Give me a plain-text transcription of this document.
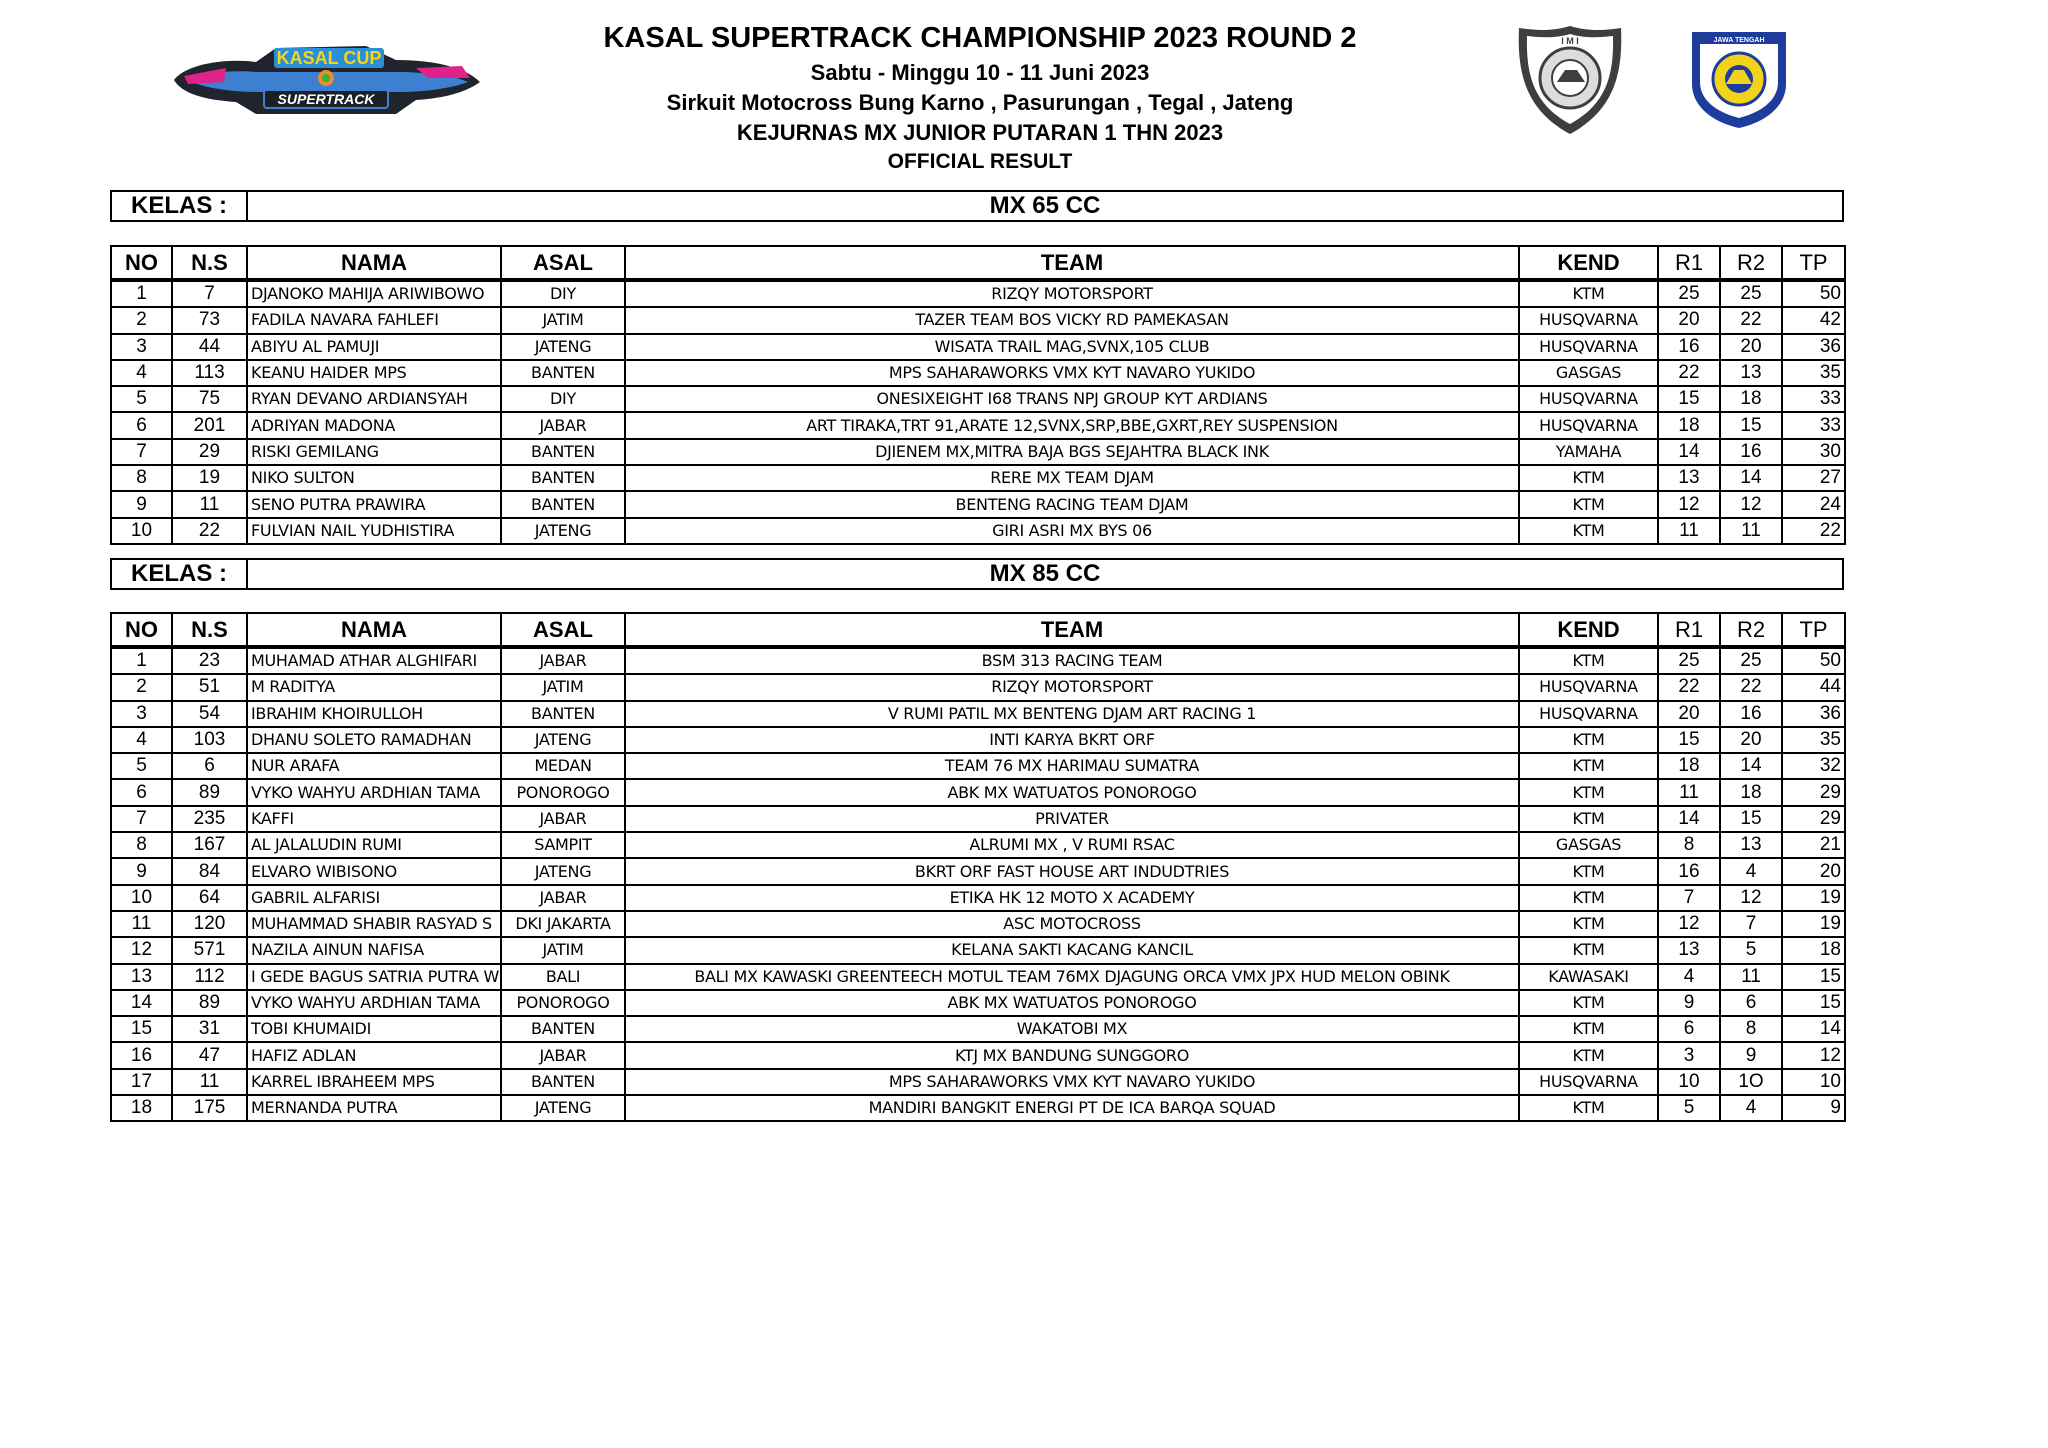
KASAL CUP
SUPERTRACK
I M I	JAWA TENGAH
KASAL SUPERTRACK CHAMPIONSHIP 2023 ROUND 2
Sabtu - Minggu 10 - 11 Juni 2023
Sirkuit Motocross Bung Karno , Pasurungan , Tegal , Jateng
KEJURNAS MX JUNIOR PUTARAN 1 THN 2023
OFFICIAL RESULT
KELAS :	MX 65 CC
NO	N.S	NAMA	ASAL	TEAM	KEND	R1	R2	TP
1	7	DJANOKO MAHIJA ARIWIBOWO	DIY	RIZQY MOTORSPORT	KTM	25	25	50
2	73	FADILA NAVARA FAHLEFI	JATIM	TAZER TEAM BOS VICKY RD PAMEKASAN	HUSQVARNA	20	22	42
3	44	ABIYU AL PAMUJI	JATENG	WISATA TRAIL MAG,SVNX,105 CLUB	HUSQVARNA	16	20	36
4	113	KEANU HAIDER MPS	BANTEN	MPS SAHARAWORKS VMX KYT NAVARO YUKIDO	GASGAS	22	13	35
5	75	RYAN DEVANO ARDIANSYAH	DIY	ONESIXEIGHT I68 TRANS NPJ GROUP KYT ARDIANS	HUSQVARNA	15	18	33
6	201	ADRIYAN MADONA	JABAR	ART TIRAKA,TRT 91,ARATE 12,SVNX,SRP,BBE,GXRT,REY SUSPENSION	HUSQVARNA	18	15	33
7	29	RISKI GEMILANG	BANTEN	DJIENEM MX,MITRA BAJA BGS SEJAHTRA BLACK INK	YAMAHA	14	16	30
8	19	NIKO SULTON	BANTEN	RERE MX TEAM DJAM	KTM	13	14	27
9	11	SENO PUTRA PRAWIRA	BANTEN	BENTENG RACING TEAM DJAM	KTM	12	12	24
10	22	FULVIAN NAIL YUDHISTIRA	JATENG	GIRI ASRI MX BYS 06	KTM	11	11	22
KELAS :	MX 85 CC
NO	N.S	NAMA	ASAL	TEAM	KEND	R1	R2	TP
1	23	MUHAMAD ATHAR ALGHIFARI	JABAR	BSM 313 RACING TEAM	KTM	25	25	50
2	51	M RADITYA	JATIM	RIZQY MOTORSPORT	HUSQVARNA	22	22	44
3	54	IBRAHIM KHOIRULLOH	BANTEN	V RUMI PATIL MX BENTENG DJAM ART RACING 1	HUSQVARNA	20	16	36
4	103	DHANU SOLETO RAMADHAN	JATENG	INTI KARYA BKRT ORF	KTM	15	20	35
5	6	NUR ARAFA	MEDAN	TEAM 76 MX HARIMAU SUMATRA	KTM	18	14	32
6	89	VYKO WAHYU ARDHIAN TAMA	PONOROGO	ABK MX WATUATOS PONOROGO	KTM	11	18	29
7	235	KAFFI	JABAR	PRIVATER	KTM	14	15	29
8	167	AL JALALUDIN RUMI	SAMPIT	ALRUMI MX , V RUMI RSAC	GASGAS	8	13	21
9	84	ELVARO WIBISONO	JATENG	BKRT ORF FAST HOUSE ART INDUDTRIES	KTM	16	4	20
10	64	GABRIL ALFARISI	JABAR	ETIKA HK 12 MOTO X ACADEMY	KTM	7	12	19
11	120	MUHAMMAD SHABIR RASYAD S	DKI JAKARTA	ASC MOTOCROSS	KTM	12	7	19
12	571	NAZILA AINUN NAFISA	JATIM	KELANA SAKTI KACANG KANCIL	KTM	13	5	18
13	112	I GEDE BAGUS SATRIA PUTRA W	BALI	BALI MX KAWASKI GREENTEECH MOTUL TEAM 76MX DJAGUNG ORCA VMX JPX HUD MELON OBINK	KAWASAKI	4	11	15
14	89	VYKO WAHYU ARDHIAN TAMA	PONOROGO	ABK MX WATUATOS PONOROGO	KTM	9	6	15
15	31	TOBI KHUMAIDI	BANTEN	WAKATOBI MX	KTM	6	8	14
16	47	HAFIZ ADLAN	JABAR	KTJ MX BANDUNG SUNGGORO	KTM	3	9	12
17	11	KARREL IBRAHEEM MPS	BANTEN	MPS SAHARAWORKS VMX KYT NAVARO YUKIDO	HUSQVARNA	10	1O	10
18	175	MERNANDA PUTRA	JATENG	MANDIRI BANGKIT ENERGI PT DE ICA BARQA SQUAD	KTM	5	4	9
